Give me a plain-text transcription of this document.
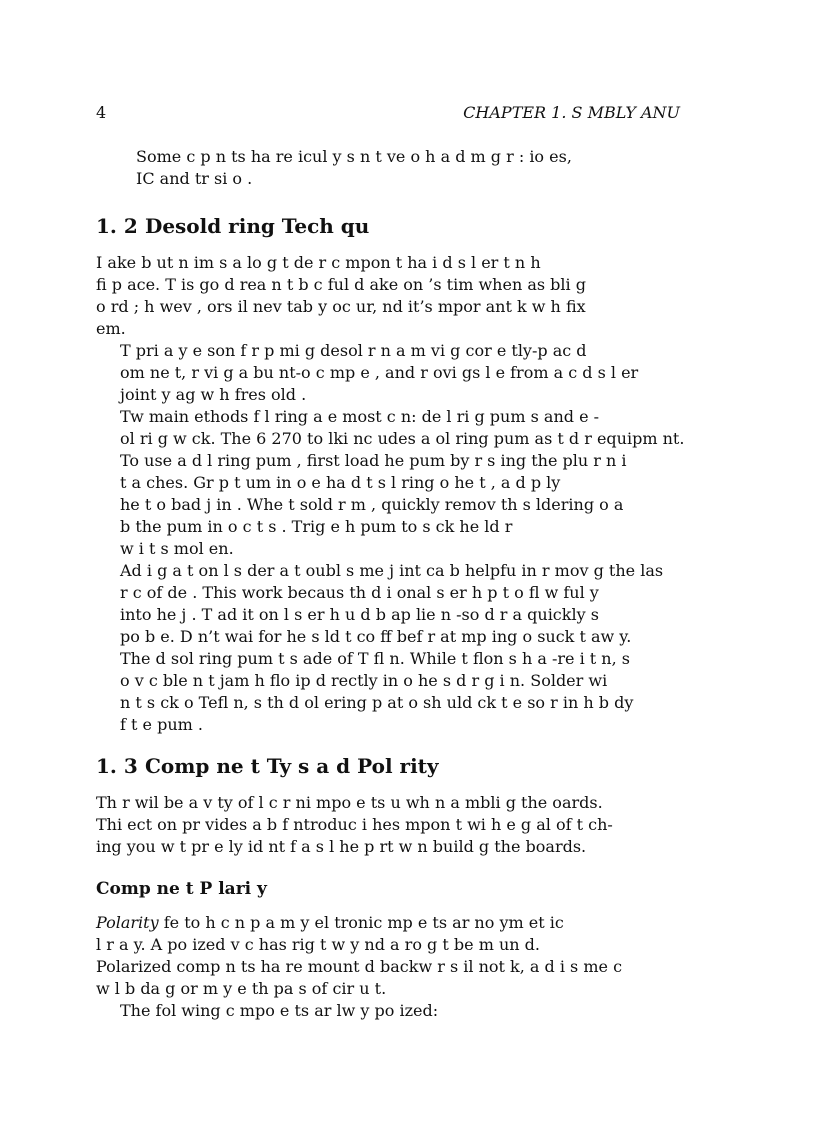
4	CHAPTER 1. S MBLY ANU
Some c p n ts ha re icul y s n t ve o h a d m g r : io es,
IC and tr si o .
1. 2 Desold ring Tech qu

I ake b ut n im s a lo g t de r c mpon t ha i d s l er t n h
fi p ace. T is go d rea n t b c ful d ake on ’s tim when as bli g
o rd ; h wev , ors il nev tab y oc ur, nd it’s mpor ant k w h fix
em.

T pri a y e son f r p mi g desol r n a m vi g cor e tly-p ac d
om ne t, r vi g a bu nt-o c mp e , and r ovi gs l e from a c d s l er
joint y ag w h fres old .

Tw main ethods f l ring a e most c n: de l ri g pum s and e -
ol ri g w ck. The 6 270 to lki nc udes a ol ring pum as t d r equipm nt.

To use a d l ring pum , first load he pum by r s ing the plu r n i
t a ches. Gr p t um in o e ha d t s l ring o he t , a d p ly
he t o bad j in . Whe t sold r m , quickly remov th s ldering o a
b the pum in o c t s . Trig e h pum to s ck he ld r
w i t s mol en.

Ad i g a t on l s der a t oubl s me j int ca b helpfu in r mov g the las
r c of de . This work becaus th d i onal s er h p t o fl w ful y
into he j . T ad it on l s er h u d b ap lie n -so d r a quickly s
po b e. D n’t wai for he s ld t co ff bef r at mp ing o suck t aw y.

The d sol ring pum t s ade of T fl n. While t flon s h a -re i t n, s
o v c ble n t jam h flo ip d rectly in o he s d r g i n. Solder wi
n t s ck o Tefl n, s th d ol ering p at o sh uld ck t e so r in h b dy
f t e pum .

1. 3 Comp ne t Ty s a d Pol rity

Th r wil be a v ty of l c r ni mpo e ts u wh n a mbli g the oards.
Thi ect on pr vides a b f ntroduc i hes mpon t wi h e g al of t ch-
ing you w t pr e ly id nt f a s l he p rt w n build g the boards.

Comp ne t P lari y

Polarity fe to h c n p a m y el tronic mp e ts ar no ym et ic
l r a y. A po ized v c has rig t w y nd a ro g t be m un d.
Polarized comp n ts ha re mount d backw r s il not k, a d i s me c
w l b da g or m y e th pa s of cir u t.

The fol wing c mpo e ts ar lw y po ized:
